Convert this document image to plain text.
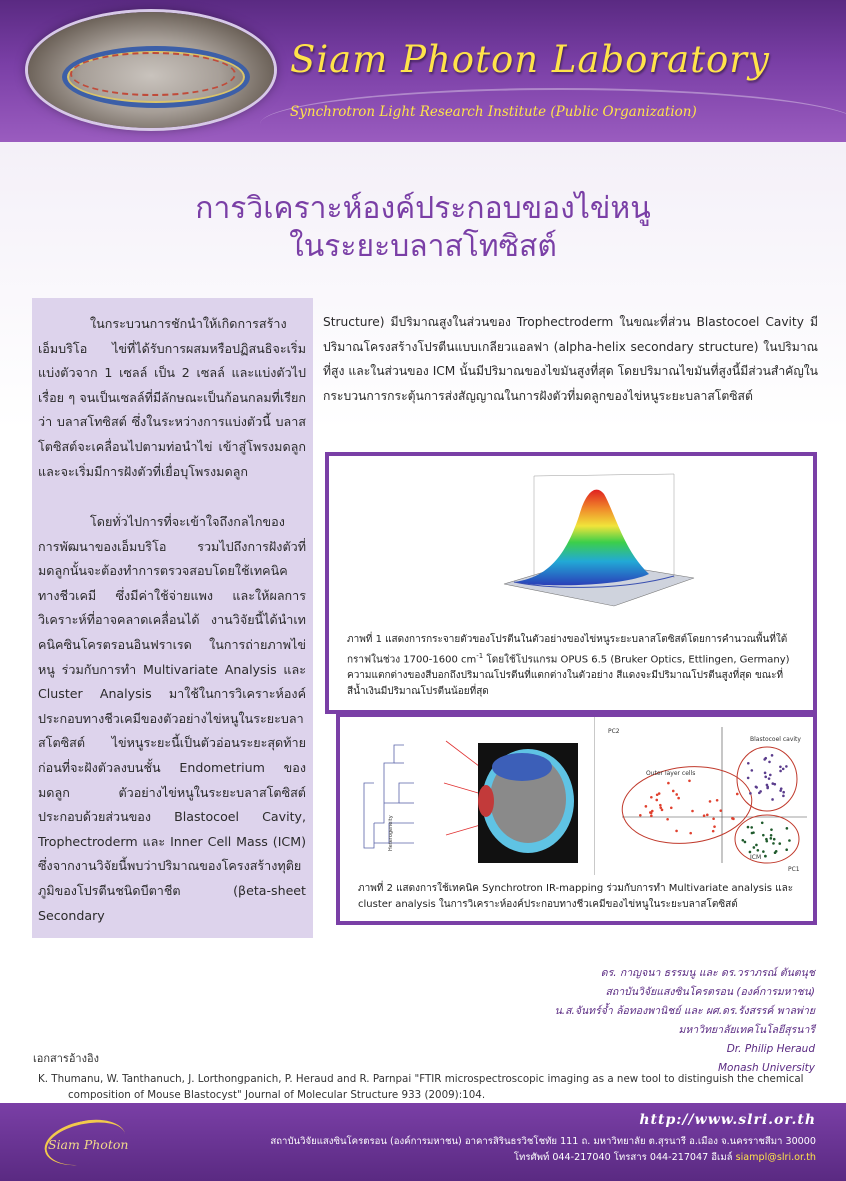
Siam Photon Laboratory
Synchrotron Light Research Institute (Public Organization)
การวิเคราะห์องค์ประกอบของไข่หนู
ในระยะบลาสโทซิสต์
ในกระบวนการชักนำให้เกิดการสร้างเอ็มบริโอ ไข่ที่ได้รับการผสมหรือปฏิสนธิจะเริ่มแบ่งตัวจาก 1 เซลล์ เป็น 2 เซลล์ และแบ่งตัวไปเรื่อย ๆ จนเป็นเซลล์ที่มีลักษณะเป็นก้อนกลมที่เรียกว่า บลาสโทซิสต์ ซึ่งในระหว่างการแบ่งตัวนี้ บลาสโตซิสต์จะเคลื่อนไปตามท่อนำไข่ เข้าสู่โพรงมดลูกและจะเริ่มมีการฝังตัวที่เยื่อบุโพรงมดลูก
โดยทั่วไปการที่จะเข้าใจถึงกลไกของการพัฒนาของเอ็มบริโอ รวมไปถึงการฝังตัวที่มดลูกนั้นจะต้องทำการตรวจสอบโดยใช้เทคนิคทางชีวเคมี ซึ่งมีค่าใช้จ่ายแพง และให้ผลการวิเคราะห์ที่อาจคลาดเคลื่อนได้ งานวิจัยนี้ได้นำเทคนิคซินโครตรอนอินฟราเรด ในการถ่ายภาพไข่หนู ร่วมกับการทำ Multivariate Analysis และ Cluster Analysis มาใช้ในการวิเคราะห์องค์ประกอบทางชีวเคมีของตัวอย่างไข่หนูในระยะบลาสโตซิสต์ ไข่หนูระยะนี้เป็นตัวอ่อนระยะสุดท้ายก่อนที่จะฝังตัวลงบนชั้น Endometrium ของมดลูก ตัวอย่างไข่หนูในระยะบลาสโตซิสต์ประกอบด้วยส่วนของ Blastocoel Cavity, Trophectroderm และ Inner Cell Mass (ICM) ซึ่งจากงานวิจัยนี้พบว่าปริมาณของโครงสร้างทุติยภูมิของโปรตีนชนิดบีตาชีต (βeta-sheet Secondary
Structure) มีปริมาณสูงในส่วนของ Trophectroderm ในขณะที่ส่วน Blastocoel Cavity มีปริมาณโครงสร้างโปรตีนแบบเกลียวแอลฟา (alpha-helix secondary structure) ในปริมาณที่สูง และในส่วนของ ICM นั้นมีปริมาณของไขมันสูงที่สุด โดยปริมาณไขมันที่สูงนี้มีส่วนสำคัญในกระบวนการกระตุ้นการส่งสัญญาณในการฝังตัวที่มดลูกของไข่หนูระยะบลาสโตซิสต์
ภาพที่ 1 แสดงการกระจายตัวของโปรตีนในตัวอย่างของไข่หนูระยะบลาสโตซิสต์โดยการคำนวณพื้นที่ใต้กราฟในช่วง 1700-1600 $cm^{-1}$ โดยใช้โปรแกรม OPUS 6.5 (Bruker Optics, Ettlingen, Germany) ความแตกต่างของสีบอกถึงปริมาณโปรตีนที่แตกต่างในตัวอย่าง สีแดงจะมีปริมาณโปรตีนสูงที่สุด ขณะที่สีน้ำเงินมีปริมาณโปรตีนน้อยที่สุด
Heterogeneity
PC2
PC1
Outer layer cells
Blastocoel cavity
ICM
ภาพที่ 2 แสดงการใช้เทคนิค Synchrotron IR-mapping ร่วมกับการทำ Multivariate analysis และ cluster analysis ในการวิเคราะห์องค์ประกอบทางชีวเคมีของไข่หนูในระยะบลาสโตซิสต์
ดร. กาญจนา ธรรมนู และ ดร.วราภรณ์ ตันตนุช
สถาบันวิจัยแสงซินโครตรอน (องค์การมหาชน)
น.ส.จันทร์จ้ำ ล้อทองพานิชย์ และ ผศ.ดร.รังสรรค์ พาลพ่าย
มหาวิทยาลัยเทคโนโลยีสุรนารี
Dr. Philip Heraud
Monash University
เอกสารอ้างอิง
K. Thumanu, W. Tanthanuch, J. Lorthongpanich, P. Heraud and R. Parnpai "FTIR microspectroscopic imaging as a new tool to distinguish the chemical
composition of Mouse Blastocyst" Journal of Molecular Structure 933 (2009):104.
Siam Photon
http://www.slri.or.th
สถาบันวิจัยแสงซินโครตรอน (องค์การมหาชน) อาคารสิรินธรวิชโชทัย 111 ถ. มหาวิทยาลัย ต.สุรนารี อ.เมือง จ.นครราชสีมา 30000
โทรศัพท์ 044-217040 โทรสาร 044-217047 อีเมล์ siampl@slri.or.th
